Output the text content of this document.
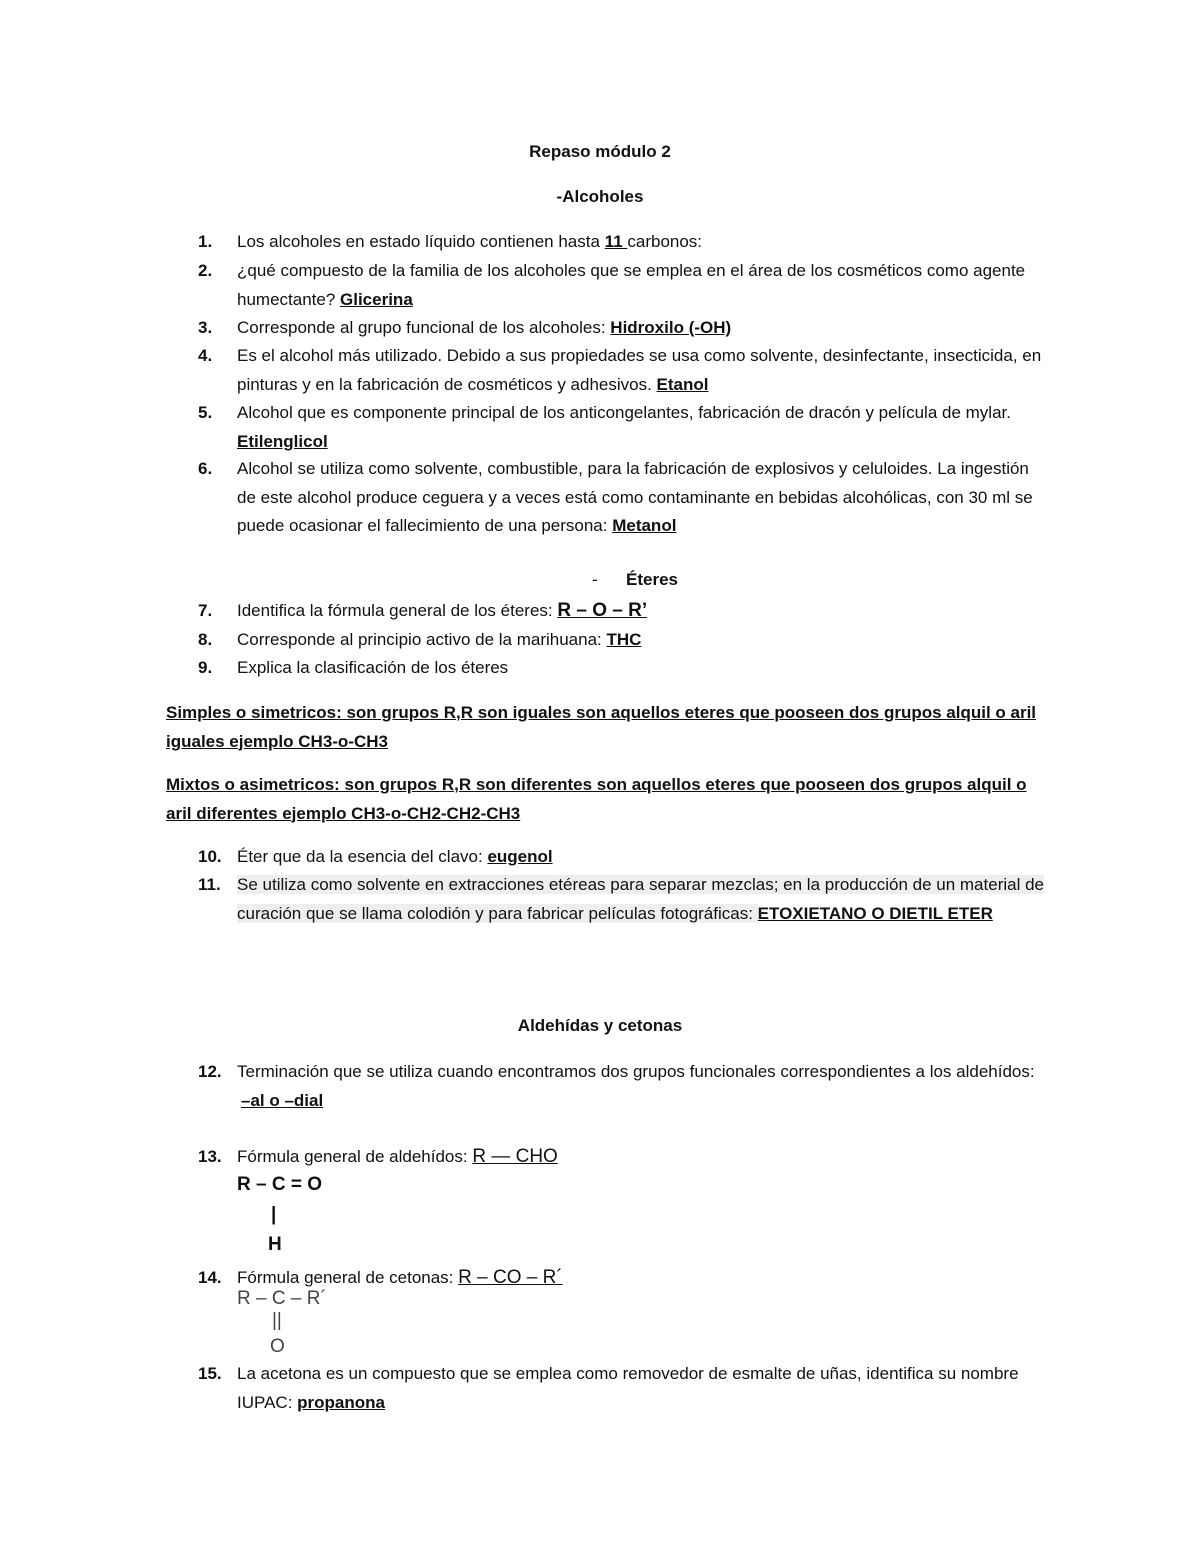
Repaso módulo 2
-Alcoholes
1. Los alcoholes en estado líquido contienen hasta 11 carbonos:
2. ¿qué compuesto de la familia de los alcoholes que se emplea en el área de los cosméticos como agente humectante? Glicerina
3. Corresponde al grupo funcional de los alcoholes: Hidroxilo (-OH)
4. Es el alcohol más utilizado. Debido a sus propiedades se usa como solvente, desinfectante, insecticida, en pinturas y en la fabricación de cosméticos y adhesivos. Etanol
5. Alcohol que es componente principal de los anticongelantes, fabricación de dracón y película de mylar. Etilenglicol
6. Alcohol se utiliza como solvente, combustible, para la fabricación de explosivos y celuloides. La ingestión de este alcohol produce ceguera y a veces está como contaminante en bebidas alcohólicas, con 30 ml se puede ocasionar el fallecimiento de una persona: Metanol
- Éteres
7. Identifica la fórmula general de los éteres: R – O – R’
8. Corresponde al principio activo de la marihuana: THC
9. Explica la clasificación de los éteres
Simples o simetricos: son grupos R,R son iguales son aquellos eteres que pooseen dos grupos alquil o aril iguales ejemplo CH3-o-CH3
Mixtos o asimetricos: son grupos R,R son diferentes son aquellos eteres que pooseen dos grupos alquil o aril diferentes ejemplo CH3-o-CH2-CH2-CH3
10. Éter que da la esencia del clavo: eugenol
11. Se utiliza como solvente en extracciones etéreas para separar mezclas; en la producción de un material de curación que se llama colodión y para fabricar películas fotográficas: ETOXIETANO O DIETIL ETER
Aldehídas y cetonas
12. Terminación que se utiliza cuando encontramos dos grupos funcionales correspondientes a los aldehídos:
–al o –dial
13. Fórmula general de aldehídos: R — CHO
R – C = O
|
H
14. Fórmula general de cetonas: R – CO – R´
R – C – R´
||
O
15. La acetona es un compuesto que se emplea como removedor de esmalte de uñas, identifica su nombre IUPAC: propanona
